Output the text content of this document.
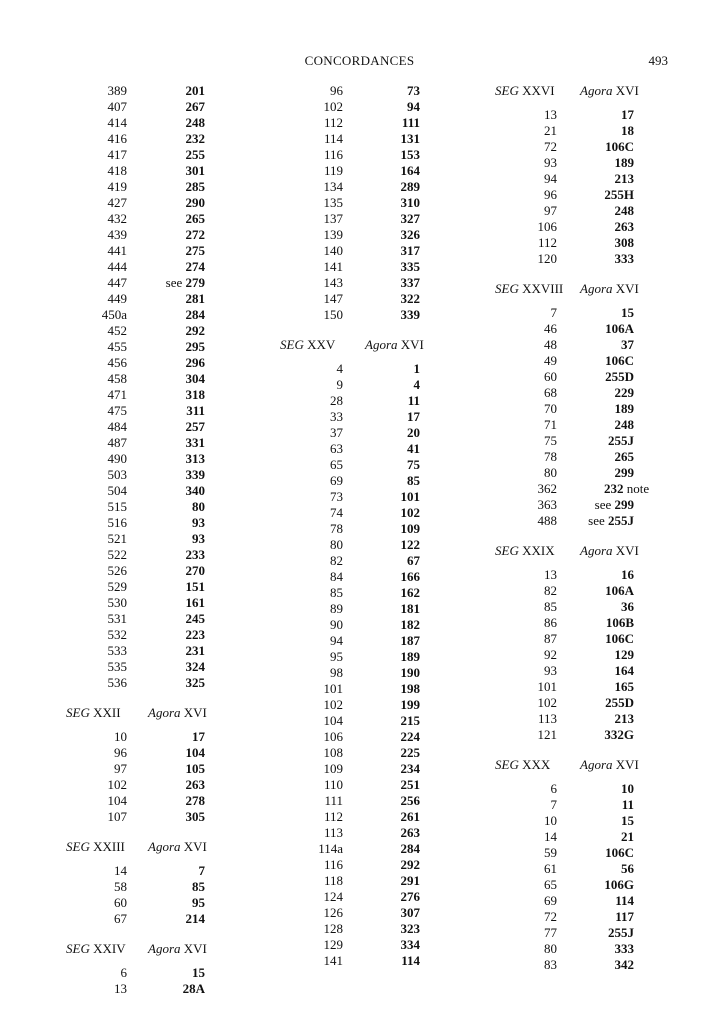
CONCORDANCES	493
389	201
407	267
414	248
416	232
417	255
418	301
419	285
427	290
432	265
439	272
441	275
444	274
447	see 279
449	281
450a	284
452	292
455	295
456	296
458	304
471	318
475	311
484	257
487	331
490	313
503	339
504	340
515	80
516	93
521	93
522	233
526	270
529	151
530	161
531	245
532	223
533	231
535	324
536	325
SEG XXII Agora XVI
10	17
96	104
97	105
102	263
104	278
107	305
SEG XXIII Agora XVI
14	7
58	85
60	95
67	214
SEG XXIV Agora XVI
6	15
13	28A
96	73
102	94
112	111
114	131
116	153
119	164
134	289
135	310
137	327
139	326
140	317
141	335
143	337
147	322
150	339
SEG XXV Agora XVI
4	1
9	4
28	11
33	17
37	20
63	41
65	75
69	85
73	101
74	102
78	109
80	122
82	67
84	166
85	162
89	181
90	182
94	187
95	189
98	190
101	198
102	199
104	215
106	224
108	225
109	234
110	251
111	256
112	261
113	263
114a	284
116	292
118	291
124	276
126	307
128	323
129	334
141	114
SEG XXVI Agora XVI
13	17
21	18
72	106C
93	189
94	213
96	255H
97	248
106	263
112	308
120	333
SEG XXVIII Agora XVI
7	15
46	106A
48	37
49	106C
60	255D
68	229
70	189
71	248
75	255J
78	265
80	299
362	232 note
363	see 299
488	see 255J
SEG XXIX Agora XVI
13	16
82	106A
85	36
86	106B
87	106C
92	129
93	164
101	165
102	255D
113	213
121	332G
SEG XXX Agora XVI
6	10
7	11
10	15
14	21
59	106C
61	56
65	106G
69	114
72	117
77	255J
80	333
83	342
